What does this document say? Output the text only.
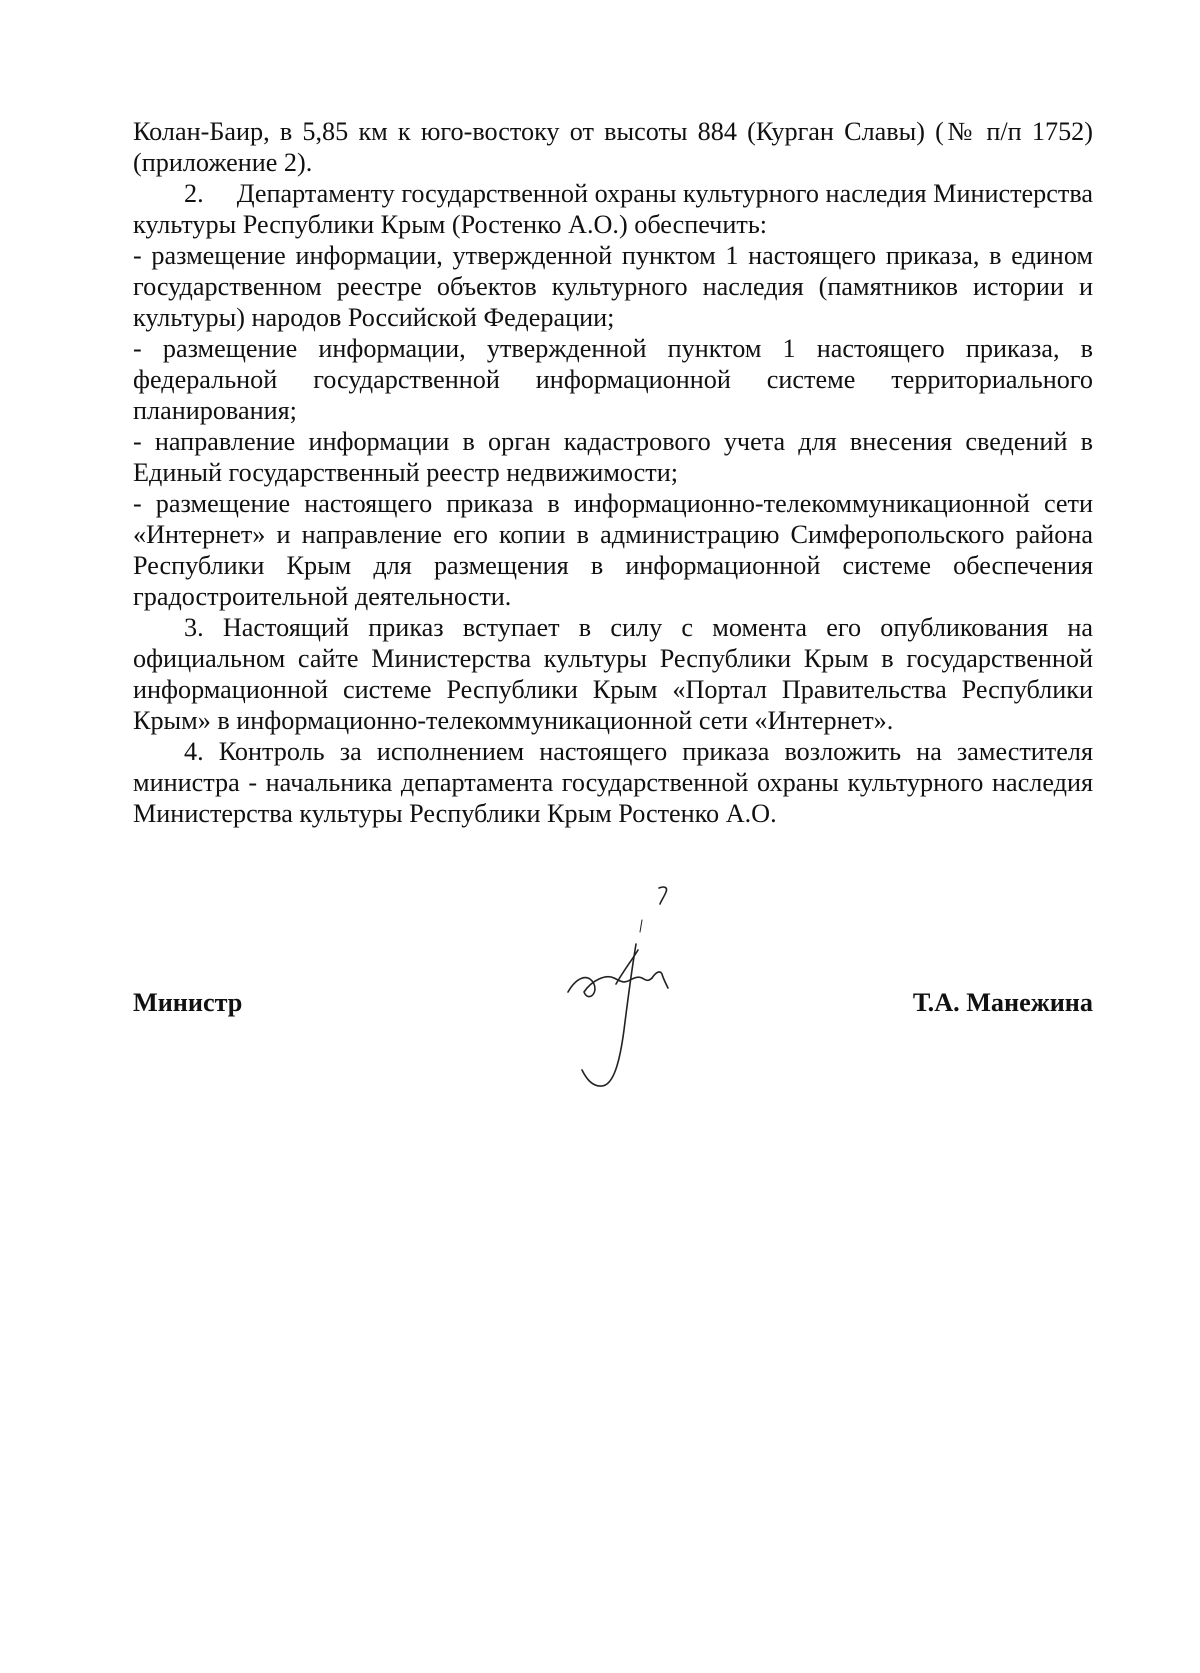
Колан-Баир, в 5,85 км к юго-востоку от высоты 884 (Курган Славы) (№ п/п 1752) (приложение 2).

2.     Департаменту государственной охраны культурного наследия Министерства культуры Республики Крым (Ростенко А.О.) обеспечить:

- размещение информации, утвержденной пунктом 1 настоящего приказа, в едином государственном реестре объектов культурного наследия (памятников истории и культуры) народов Российской Федерации;

- размещение информации, утвержденной пунктом 1 настоящего приказа, в федеральной государственной информационной системе территориального планирования;

- направление информации в орган кадастрового учета для внесения сведений в Единый государственный реестр недвижимости;

- размещение настоящего приказа в информационно-телекоммуникационной сети «Интернет» и направление его копии в администрацию Симферопольского района Республики Крым для размещения в информационной системе обеспечения градостроительной деятельности.

3. Настоящий приказ вступает в силу с момента его опубликования на официальном сайте Министерства культуры Республики Крым в государственной информационной системе Республики Крым «Портал Правительства Республики Крым» в информационно-телекоммуникационной сети «Интернет».

4. Контроль за исполнением настоящего приказа возложить на заместителя министра - начальника департамента государственной охраны культурного наследия Министерства культуры Республики Крым Ростенко А.О.

Министр	Т.А. Манежина
